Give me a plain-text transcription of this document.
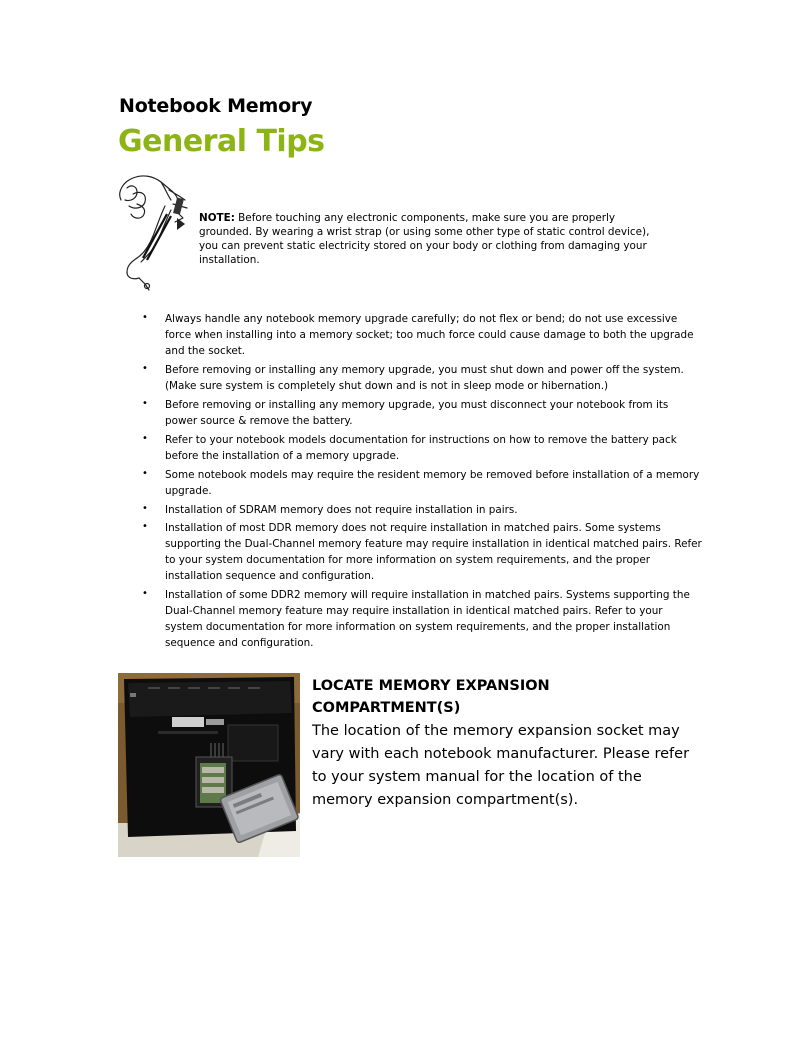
Notebook Memory
General Tips

NOTE: Before touching any electronic components, make sure you are properly grounded. By wearing a wrist strap (or using some other type of static control device), you can prevent static electricity stored on your body or clothing from damaging your installation.

• Always handle any notebook memory upgrade carefully; do not flex or bend; do not use excessive force when installing into a memory socket; too much force could cause damage to both the upgrade and the socket.
• Before removing or installing any memory upgrade, you must shut down and power off the system. (Make sure system is completely shut down and is not in sleep mode or hibernation.)
• Before removing or installing any memory upgrade, you must disconnect your notebook from its power source & remove the battery.
• Refer to your notebook models documentation for instructions on how to remove the battery pack before the installation of a memory upgrade.
• Some notebook models may require the resident memory be removed before installation of a memory upgrade.
• Installation of SDRAM memory does not require installation in pairs.
• Installation of most DDR memory does not require installation in matched pairs. Some systems supporting the Dual-Channel memory feature may require installation in identical matched pairs. Refer to your system documentation for more information on system requirements, and the proper installation sequence and configuration.
• Installation of some DDR2 memory will require installation in matched pairs. Systems supporting the Dual-Channel memory feature may require installation in identical matched pairs. Refer to your system documentation for more information on system requirements, and the proper installation sequence and configuration.
LOCATE MEMORY EXPANSION COMPARTMENT(S)

The location of the memory expansion socket may vary with each notebook manufacturer. Please refer to your system manual for the location of the memory expansion compartment(s).
